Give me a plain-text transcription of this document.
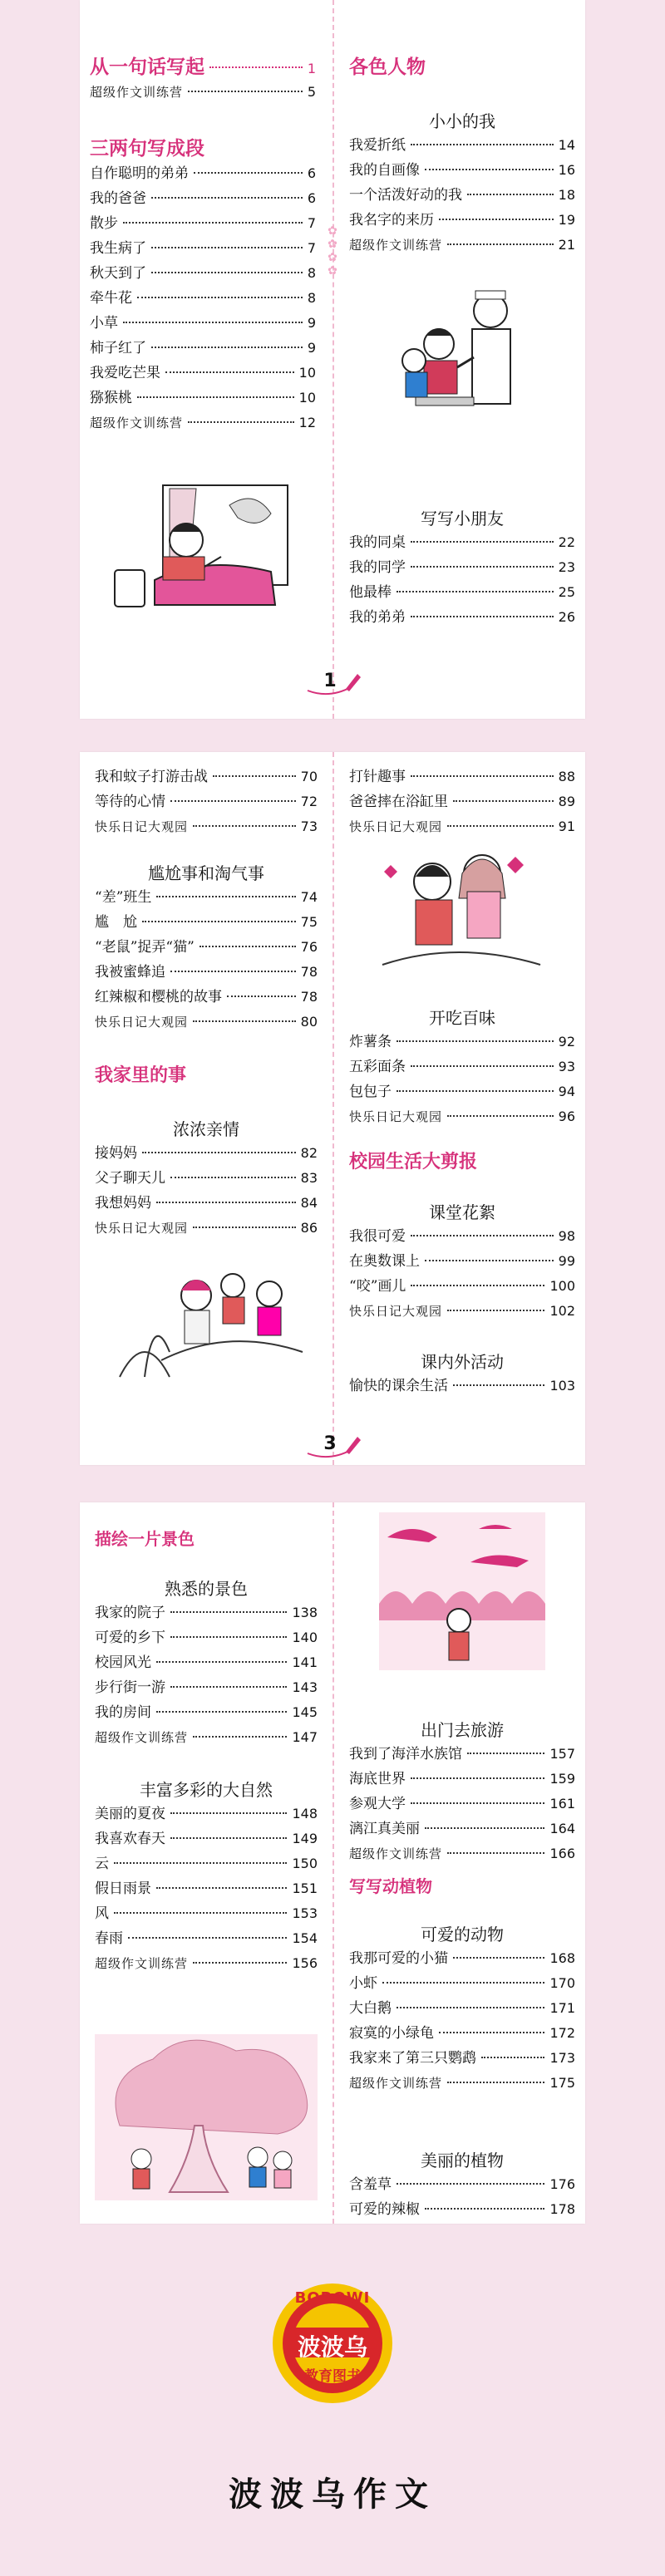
✿
✿
✿
✿
从一句话写起	1
超级作文训练营	5
三两句写成段
自作聪明的弟弟	6
我的爸爸	6
散步	7
我生病了	7
秋天到了	8
牵牛花	8
小草	9
柿子红了	9
我爱吃芒果	10
猕猴桃	10
超级作文训练营	12
各色人物
小小的我
我爱折纸	14
我的自画像	16
一个活泼好动的我	18
我名字的来历	19
超级作文训练营	21
写写小朋友
我的同桌	22
我的同学	23
他最棒	25
我的弟弟	26
1
我和蚊子打游击战	70
等待的心情	72
快乐日记大观园	73
尴尬事和淘气事
“差”班生	74
尴　尬	75
“老鼠”捉弄“猫”	76
我被蜜蜂追	78
红辣椒和樱桃的故事	78
快乐日记大观园	80
我家里的事
浓浓亲情
接妈妈	82
父子聊天儿	83
我想妈妈	84
快乐日记大观园	86
打针趣事	88
爸爸摔在浴缸里	89
快乐日记大观园	91
开吃百味
炸薯条	92
五彩面条	93
包包子	94
快乐日记大观园	96
校园生活大剪报
课堂花絮
我很可爱	98
在奥数课上	99
“咬”画儿	100
快乐日记大观园	102
课内外活动
愉快的课余生活	103
3
描绘一片景色
熟悉的景色
我家的院子	138
可爱的乡下	140
校园风光	141
步行街一游	143
我的房间	145
超级作文训练营	147
丰富多彩的大自然
美丽的夏夜	148
我喜欢春天	149
云	150
假日雨景	151
风	153
春雨	154
超级作文训练营	156
出门去旅游
我到了海洋水族馆	157
海底世界	159
参观大学	161
漓江真美丽	164
超级作文训练营	166
写写动植物
可爱的动物
我那可爱的小猫	168
小虾	170
大白鹅	171
寂寞的小绿龟	172
我家来了第三只鹦鹉	173
超级作文训练营	175
美丽的植物
含羞草	176
可爱的辣椒	178
BOROWI
波波乌
教育图书
波波乌作文
